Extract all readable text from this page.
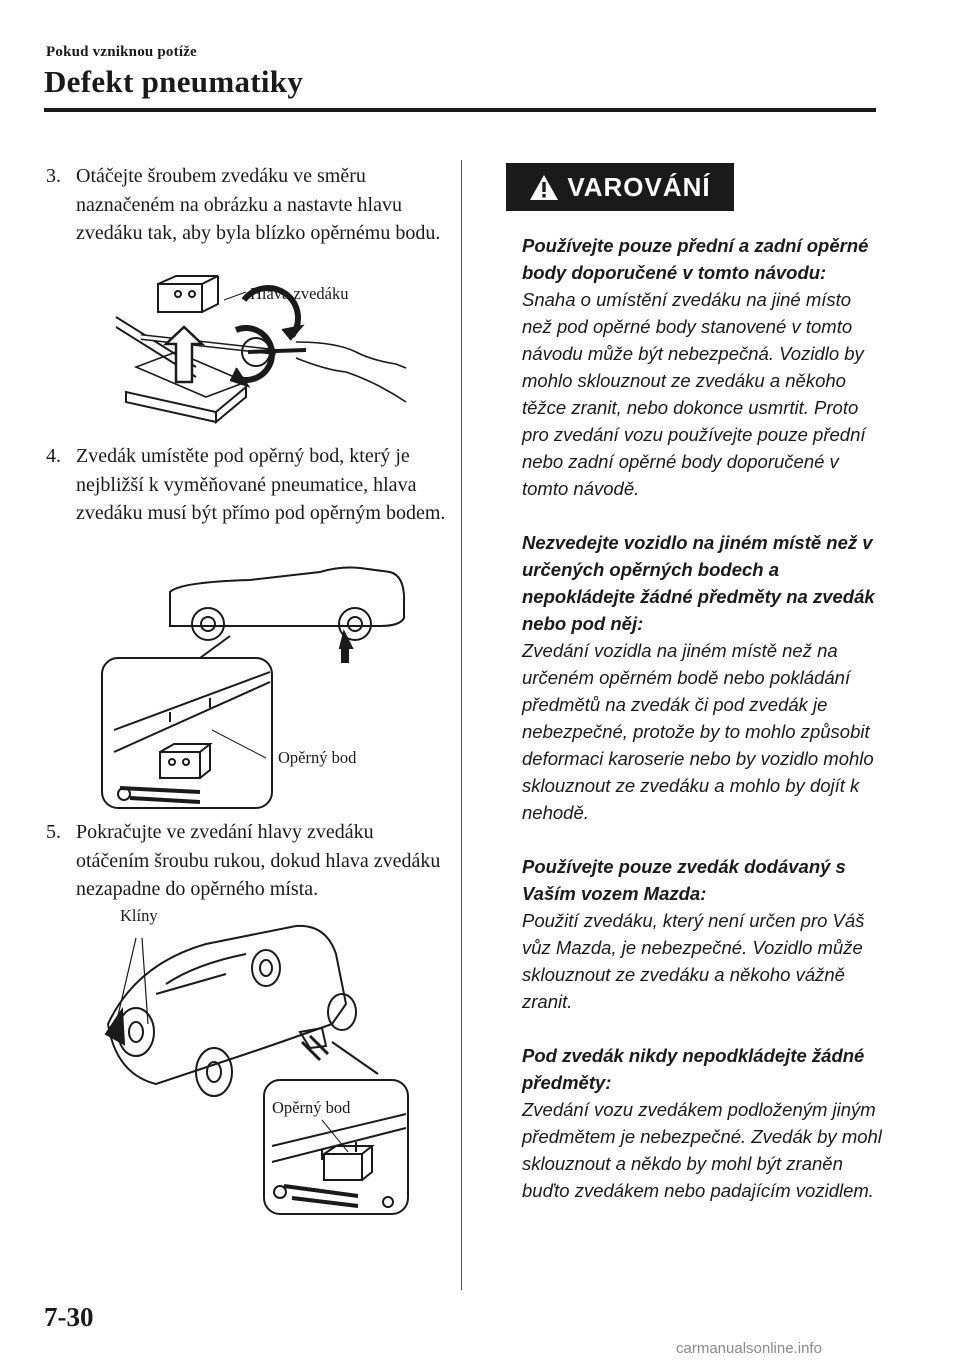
Pokud vzniknou potíže
Defekt pneumatiky
3. Otáčejte šroubem zvedáku ve směru naznačeném na obrázku a nastavte hlavu zvedáku tak, aby byla blízko opěrnému bodu.
Hlava zvedáku
4. Zvedák umístěte pod opěrný bod, který je nejbližší k vyměňované pneumatice, hlava zvedáku musí být přímo pod opěrným bodem.
Opěrný bod
5. Pokračujte ve zvedání hlavy zvedáku otáčením šroubu rukou, dokud hlava zvedáku nezapadne do opěrného místa.
Klíny
Opěrný bod
VAROVÁNÍ
Používejte pouze přední a zadní opěrné body doporučené v tomto návodu:
Snaha o umístění zvedáku na jiné místo než pod opěrné body stanovené v tomto návodu může být nebezpečná. Vozidlo by mohlo sklouznout ze zvedáku a někoho těžce zranit, nebo dokonce usmrtit. Proto pro zvedání vozu používejte pouze přední nebo zadní opěrné body doporučené v tomto návodě.
Nezvedejte vozidlo na jiném místě než v určených opěrných bodech a nepokládejte žádné předměty na zvedák nebo pod něj:
Zvedání vozidla na jiném místě než na určeném opěrném bodě nebo pokládání předmětů na zvedák či pod zvedák je nebezpečné, protože by to mohlo způsobit deformaci karoserie nebo by vozidlo mohlo sklouznout ze zvedáku a mohlo by dojít k nehodě.
Používejte pouze zvedák dodávaný s Vaším vozem Mazda:
Použití zvedáku, který není určen pro Váš vůz Mazda, je nebezpečné. Vozidlo může sklouznout ze zvedáku a někoho vážně zranit.
Pod zvedák nikdy nepodkládejte žádné předměty:
Zvedání vozu zvedákem podloženým jiným předmětem je nebezpečné. Zvedák by mohl sklouznout a někdo by mohl být zraněn buďto zvedákem nebo padajícím vozidlem.
7-30
carmanualsonline.info
